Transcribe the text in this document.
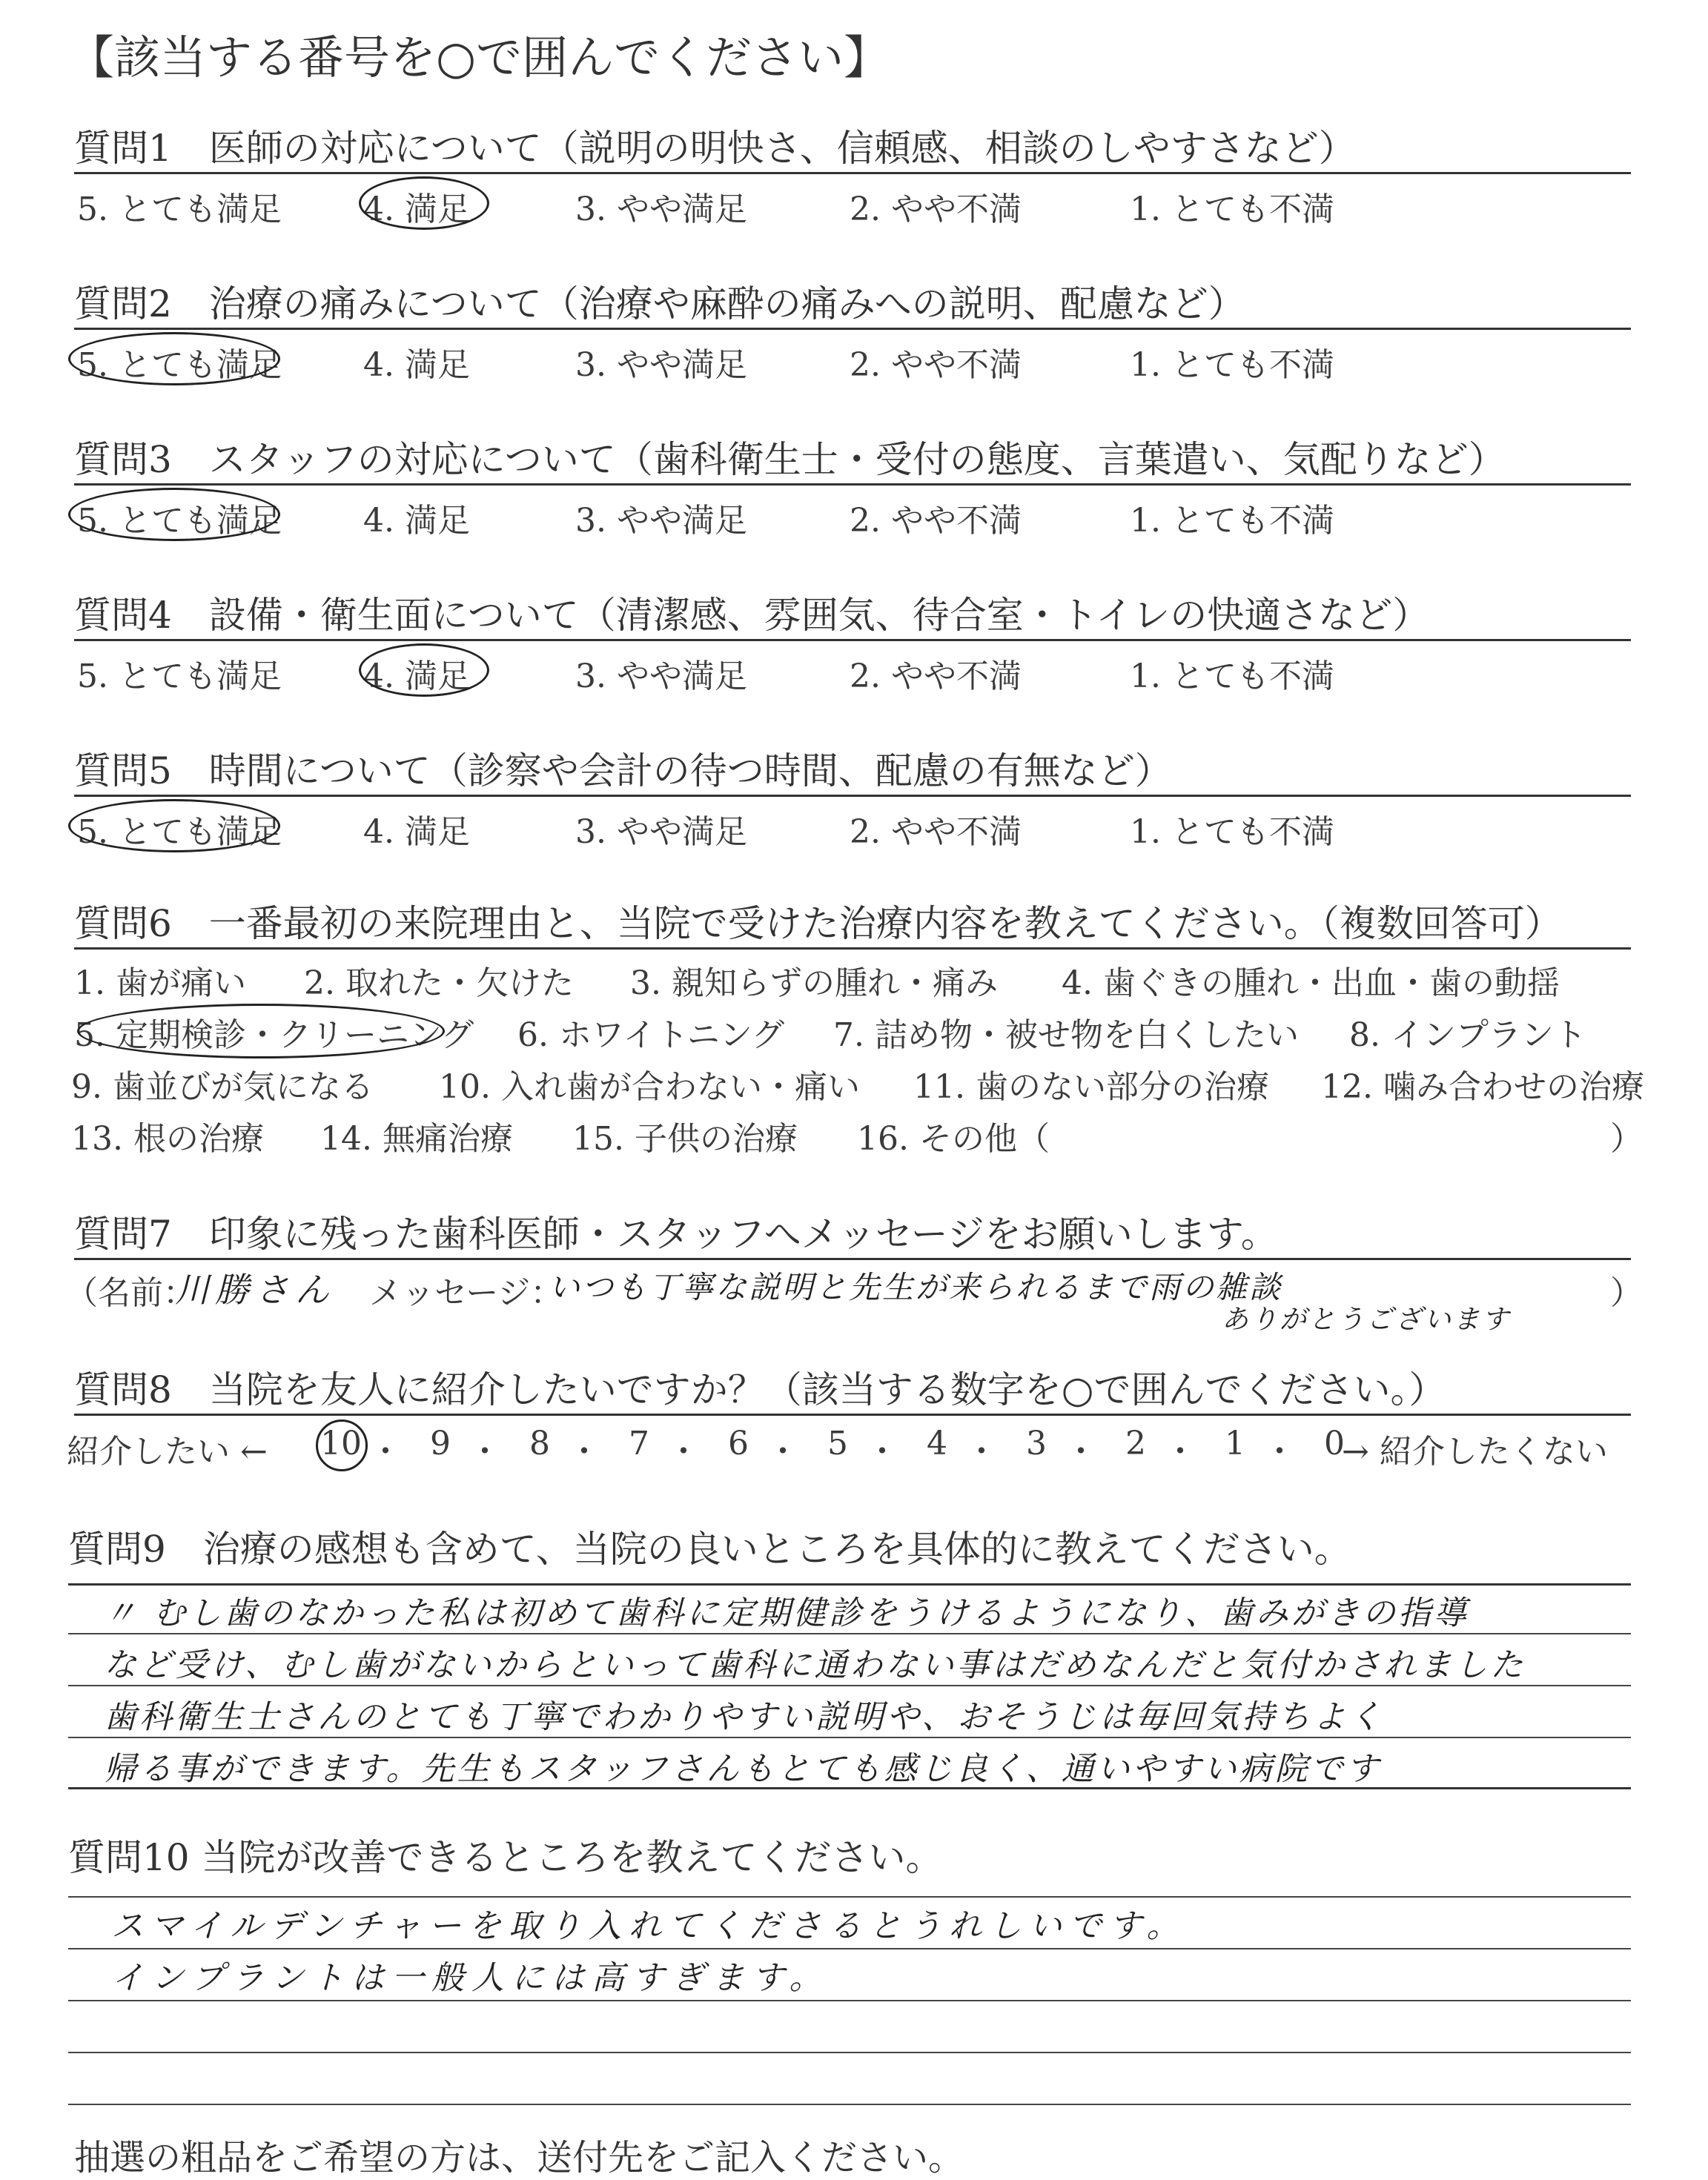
【該当する番号を○で囲んでください】
質問1　医師の対応について（説明の明快さ、信頼感、相談のしやすさなど）
5. とても満足	4. 満足	3. やや満足	2. やや不満	1. とても不満
質問2　治療の痛みについて（治療や麻酔の痛みへの説明、配慮など）
5. とても満足	4. 満足	3. やや満足	2. やや不満	1. とても不満
質問3　スタッフの対応について（歯科衛生士・受付の態度、言葉遣い、気配りなど）
5. とても満足	4. 満足	3. やや満足	2. やや不満	1. とても不満
質問4　設備・衛生面について（清潔感、雰囲気、待合室・トイレの快適さなど）
5. とても満足	4. 満足	3. やや満足	2. やや不満	1. とても不満
質問5　時間について（診察や会計の待つ時間、配慮の有無など）
5. とても満足	4. 満足	3. やや満足	2. やや不満	1. とても不満
質問6　一番最初の来院理由と、当院で受けた治療内容を教えてください。（複数回答可）
1. 歯が痛い 2. 取れた・欠けた 3. 親知らずの腫れ・痛み 4. 歯ぐきの腫れ・出血・歯の動揺
5. 定期検診・クリーニング 6. ホワイトニング 7. 詰め物・被せ物を白くしたい 8. インプラント
9. 歯並びが気になる 10. 入れ歯が合わない・痛い 11. 歯のない部分の治療 12. 噛み合わせの治療
13. 根の治療 14. 無痛治療 15. 子供の治療 16. その他（	）
質問7　印象に残った歯科医師・スタッフへメッセージをお願いします。
（名前：
川勝さん メッセージ：
いつも丁寧な説明と先生が来られるまで雨の雑談
ありがとうございます
）
質問8　当院を友人に紹介したいですか？（該当する数字を○で囲んでください。）
紹介したい ← 10 ・ 9 ・ 8 ・ 7 ・ 6 ・ 5 ・ 4 ・ 3 ・ 2 ・ 1 ・ 0
→ 紹介したくない
質問9　治療の感想も含めて、当院の良いところを具体的に教えてください。
〃 むし歯のなかった私は初めて歯科に定期健診をうけるようになり、歯みがきの指導
など受け、むし歯がないからといって歯科に通わない事はだめなんだと気付かされました
歯科衛生士さんのとても丁寧でわかりやすい説明や、おそうじは毎回気持ちよく
帰る事ができます。先生もスタッフさんもとても感じ良く、通いやすい病院です
質問10 当院が改善できるところを教えてください。
スマイルデンチャーを取り入れてくださるとうれしいです。
インプラントは一般人には高すぎます。
抽選の粗品をご希望の方は、送付先をご記入ください。
